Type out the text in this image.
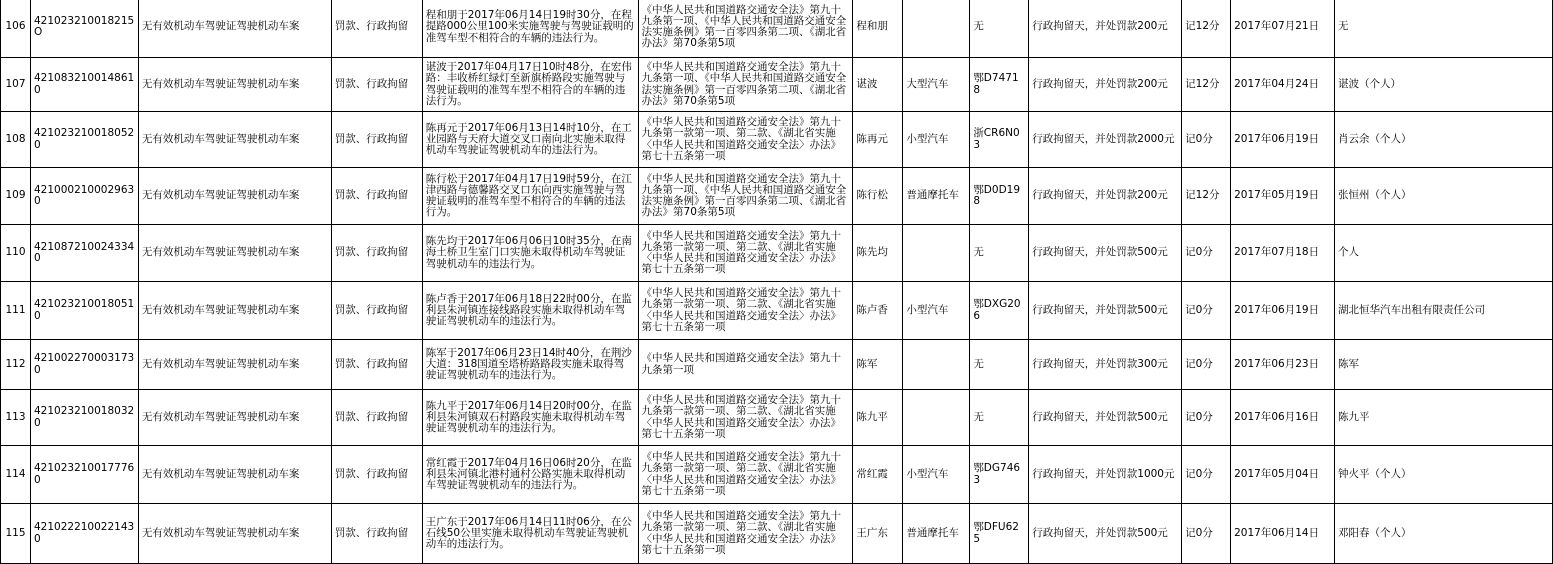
106	421023210018215O	无有效机动车驾驶证驾驶机动车案	罚款、行政拘留	程和朋于2017年06月14日19时30分，在程提路000公里100米实施驾驶与驾驶证载明的准驾车型不相符合的车辆的违法行为。	《中华人民共和国道路交通安全法》第九十九条第一项、《中华人民共和国道路交通安全法实施条例》第一百零四条第二项、《湖北省办法》第70条第5项	程和朋		无	行政拘留天，并处罚款200元	记12分	2017年07月21日	无
107	4210832100148610	无有效机动车驾驶证驾驶机动车案	罚款、行政拘留	谌波于2017年04月17日10时48分，在宏伟路：丰收桥红绿灯至新旗桥路段实施驾驶与驾驶证载明的准驾车型不相符合的车辆的违法行为。	《中华人民共和国道路交通安全法》第九十九条第一项、《中华人民共和国道路交通安全法实施条例》第一百零四条第二项、《湖北省办法》第70条第5项	谌波	大型汽车	鄂D74718	行政拘留天，并处罚款200元	记12分	2017年04月24日	谌波（个人）
108	4210232100180520	无有效机动车驾驶证驾驶机动车案	罚款、行政拘留	陈再元于2017年06月13日14时10分，在工业园路与天府大道交叉口南向北实施未取得机动车驾驶证驾驶机动车的违法行为。	《中华人民共和国道路交通安全法》第九十九条第一款第一项、第二款、《湖北省实施〈中华人民共和国道路交通安全法〉办法》第七十五条第一项	陈再元	小型汽车	浙CR6N03	行政拘留天，并处罚款2000元	记0分	2017年06月19日	肖云余（个人）
109	4210002100029630	无有效机动车驾驶证驾驶机动车案	罚款、行政拘留	陈行松于2017年04月17日19时59分，在江津西路与德馨路交叉口东向西实施驾驶与驾驶证载明的准驾车型不相符合的车辆的违法行为。	《中华人民共和国道路交通安全法》第九十九条第一项、《中华人民共和国道路交通安全法实施条例》第一百零四条第二项、《湖北省办法》第70条第5项	陈行松	普通摩托车	鄂D0D198	行政拘留天，并处罚款200元	记12分	2017年05月19日	张恒州（个人）
110	4210872100243340	无有效机动车驾驶证驾驶机动车案	罚款、行政拘留	陈先均于2017年06月06日10时35分，在南海土桥卫生室门口实施未取得机动车驾驶证驾驶机动车的违法行为。	《中华人民共和国道路交通安全法》第九十九条第一款第一项、第二款、《湖北省实施〈中华人民共和国道路交通安全法〉办法》第七十五条第一项	陈先均		无	行政拘留天，并处罚款500元	记0分	2017年07月18日	个人
111	4210232100180510	无有效机动车驾驶证驾驶机动车案	罚款、行政拘留	陈卢香于2017年06月18日22时00分，在监利县朱河镇连接线路段实施未取得机动车驾驶证驾驶机动车的违法行为。	《中华人民共和国道路交通安全法》第九十九条第一款第一项、第二款、《湖北省实施〈中华人民共和国道路交通安全法〉办法》第七十五条第一项	陈卢香	小型汽车	鄂DXG206	行政拘留天，并处罚款500元	记0分	2017年06月19日	湖北恒华汽车出租有限责任公司
112	4210022700031730	无有效机动车驾驶证驾驶机动车案	罚款、行政拘留	陈军于2017年06月23日14时40分，在荆沙大道：318国道至塔桥路路段实施未取得驾驶证驾驶机动车的违法行为。	《中华人民共和国道路交通安全法》第九十九条第一项	陈军		无	行政拘留天，并处罚款300元	记0分	2017年06月23日	陈军
113	4210232100180320	无有效机动车驾驶证驾驶机动车案	罚款、行政拘留	陈九平于2017年06月14日20时00分，在监利县朱河镇双石村路段实施未取得机动车驾驶证驾驶机动车的违法行为。	《中华人民共和国道路交通安全法》第九十九条第一款第一项、第二款、《湖北省实施〈中华人民共和国道路交通安全法〉办法》第七十五条第一项	陈九平		无	行政拘留天，并处罚款500元	记0分	2017年06月16日	陈九平
114	4210232100177760	无有效机动车驾驶证驾驶机动车案	罚款、行政拘留	常红霞于2017年04月16日06时20分，在监利县朱河镇北港村通村公路实施未取得机动车驾驶证驾驶机动车的违法行为。	《中华人民共和国道路交通安全法》第九十九条第一款第一项、第二款、《湖北省实施〈中华人民共和国道路交通安全法〉办法》第七十五条第一项	常红霞	小型汽车	鄂DG7463	行政拘留天，并处罚款1000元	记0分	2017年05月04日	钟火平（个人）
115	4210222100221430	无有效机动车驾驶证驾驶机动车案	罚款、行政拘留	王广东于2017年06月14日11时06分，在公石线50公里实施未取得机动车驾驶证驾驶机动车的违法行为。	《中华人民共和国道路交通安全法》第九十九条第一款第一项、第二款、《湖北省实施〈中华人民共和国道路交通安全法〉办法》第七十五条第一项	王广东	普通摩托车	鄂DFU625	行政拘留天，并处罚款500元	记0分	2017年06月14日	邓阳春（个人）
